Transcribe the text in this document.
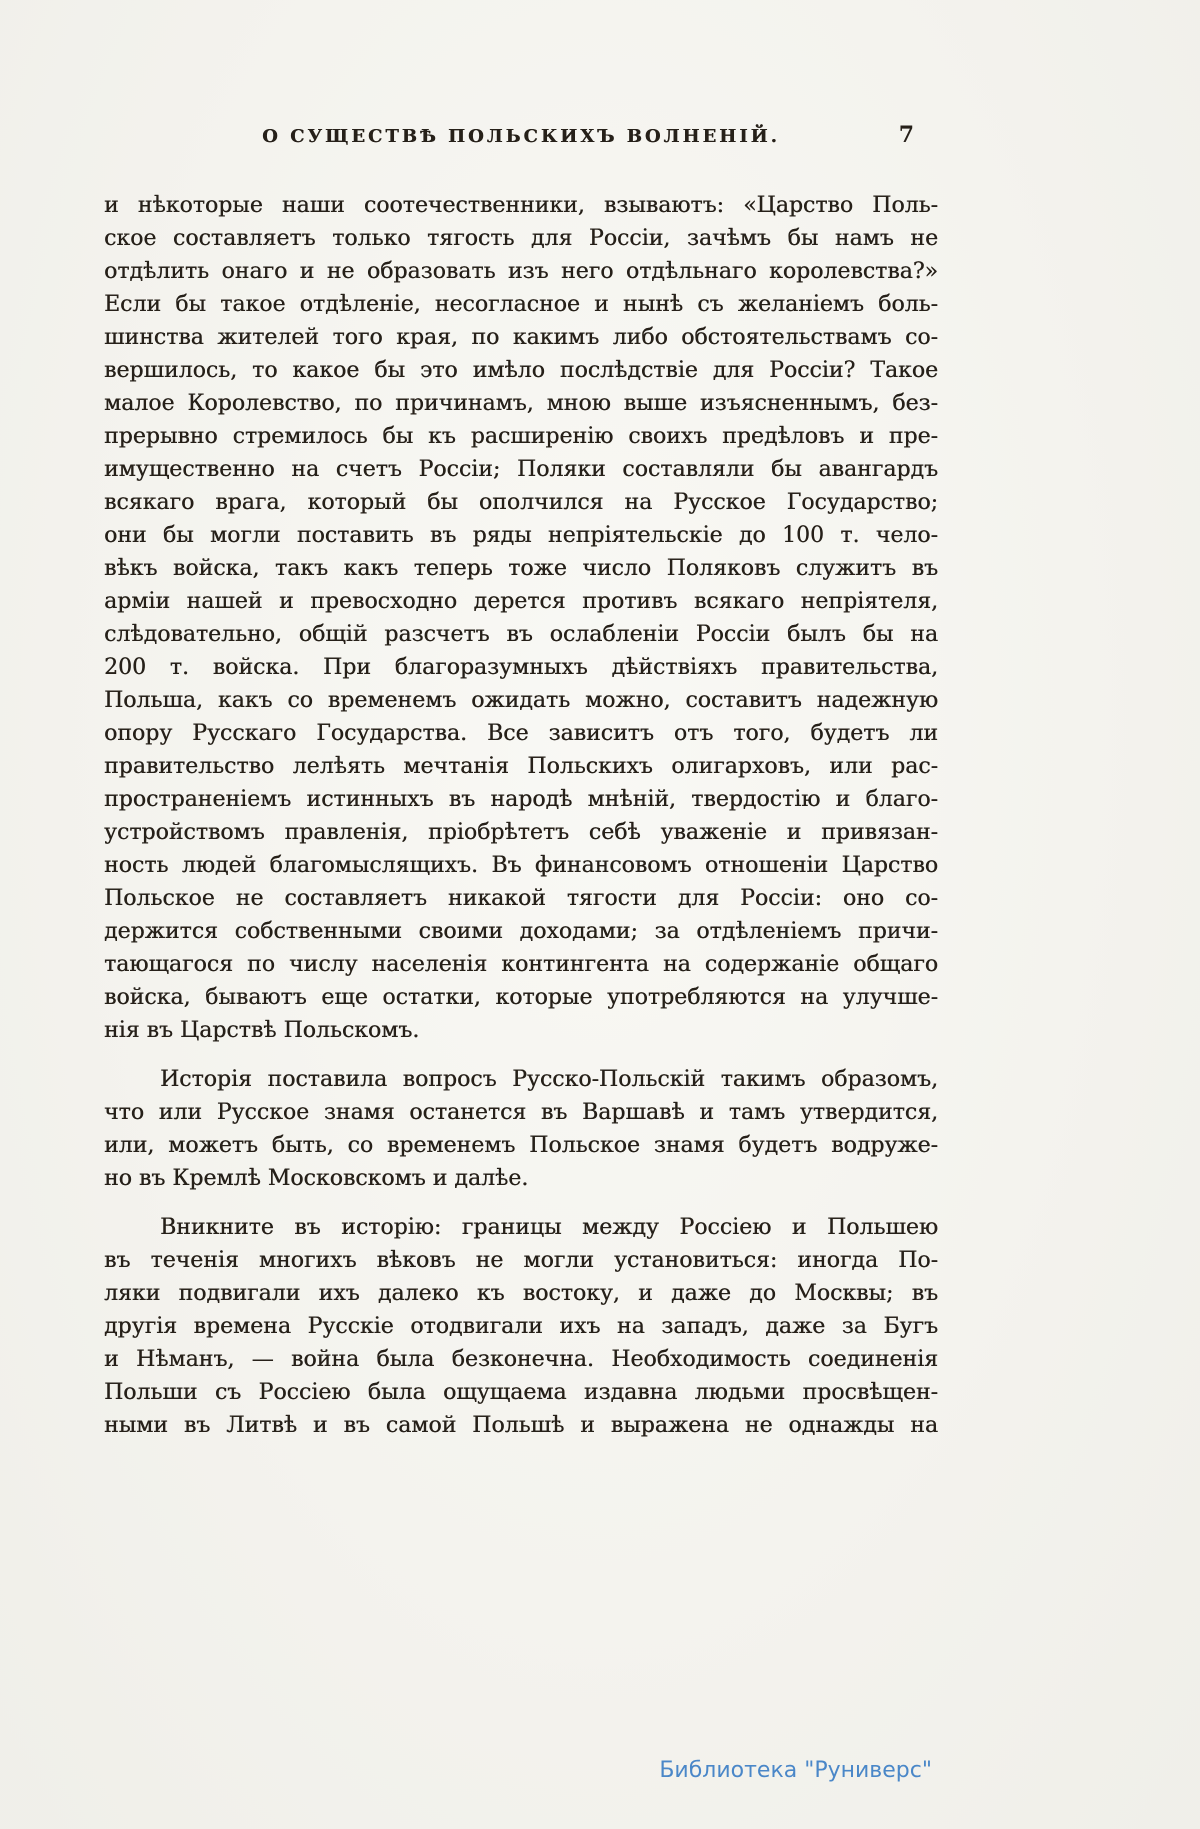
О СУЩЕСТВѢ ПОЛЬСКИХЪ ВОЛНЕНІЙ.	7
и нѣкоторые наши соотечественники, взываютъ: «Царство Поль-
ское составляетъ только тягость для Россіи, зачѣмъ бы намъ не
отдѣлить онаго и не образовать изъ него отдѣльнаго королевства?»
Если бы такое отдѣленіе, несогласное и нынѣ съ желаніемъ боль-
шинства жителей того края, по какимъ либо обстоятельствамъ со-
вершилось, то какое бы это имѣло послѣдствіе для Россіи? Такое
малое Королевство, по причинамъ, мною выше изъясненнымъ, без-
прерывно стремилось бы къ расширенію своихъ предѣловъ и пре-
имущественно на счетъ Россіи; Поляки составляли бы авангардъ
всякаго врага, который бы ополчился на Русское Государство;
они бы могли поставить въ ряды непріятельскіе до 100 т. чело-
вѣкъ войска, такъ какъ теперь тоже число Поляковъ служитъ въ
арміи нашей и превосходно дерется противъ всякаго непріятеля,
слѣдовательно, общій разсчетъ въ ослабленіи Россіи былъ бы на
200 т. войска. При благоразумныхъ дѣйствіяхъ правительства,
Польша, какъ со временемъ ожидать можно, составитъ надежную
опору Русскаго Государства. Все зависитъ отъ того, будетъ ли
правительство лелѣять мечтанія Польскихъ олигарховъ, или рас-
пространеніемъ истинныхъ въ народѣ мнѣній, твердостію и благо-
устройствомъ правленія, пріобрѣтетъ себѣ уваженіе и привязан-
ность людей благомыслящихъ. Въ финансовомъ отношеніи Царство
Польское не составляетъ никакой тягости для Россіи: оно со-
держится собственными своими доходами; за отдѣленіемъ причи-
тающагося по числу населенія контингента на содержаніе общаго
войска, бываютъ еще остатки, которые употребляются на улучше-
нія въ Царствѣ Польскомъ.
Исторія поставила вопросъ Русско-Польскій такимъ образомъ,
что или Русское знамя останется въ Варшавѣ и тамъ утвердится,
или, можетъ быть, со временемъ Польское знамя будетъ водруже-
но въ Кремлѣ Московскомъ и далѣе.
Вникните въ исторію: границы между Россіею и Польшею
въ теченія многихъ вѣковъ не могли установиться: иногда По-
ляки подвигали ихъ далеко къ востоку, и даже до Москвы; въ
другія времена Русскіе отодвигали ихъ на западъ, даже за Бугъ
и Нѣманъ, — война была безконечна. Необходимость соединенія
Польши съ Россіею была ощущаема издавна людьми просвѣщен-
ными въ Литвѣ и въ самой Польшѣ и выражена не однажды на
Библиотека "Руниверс"
